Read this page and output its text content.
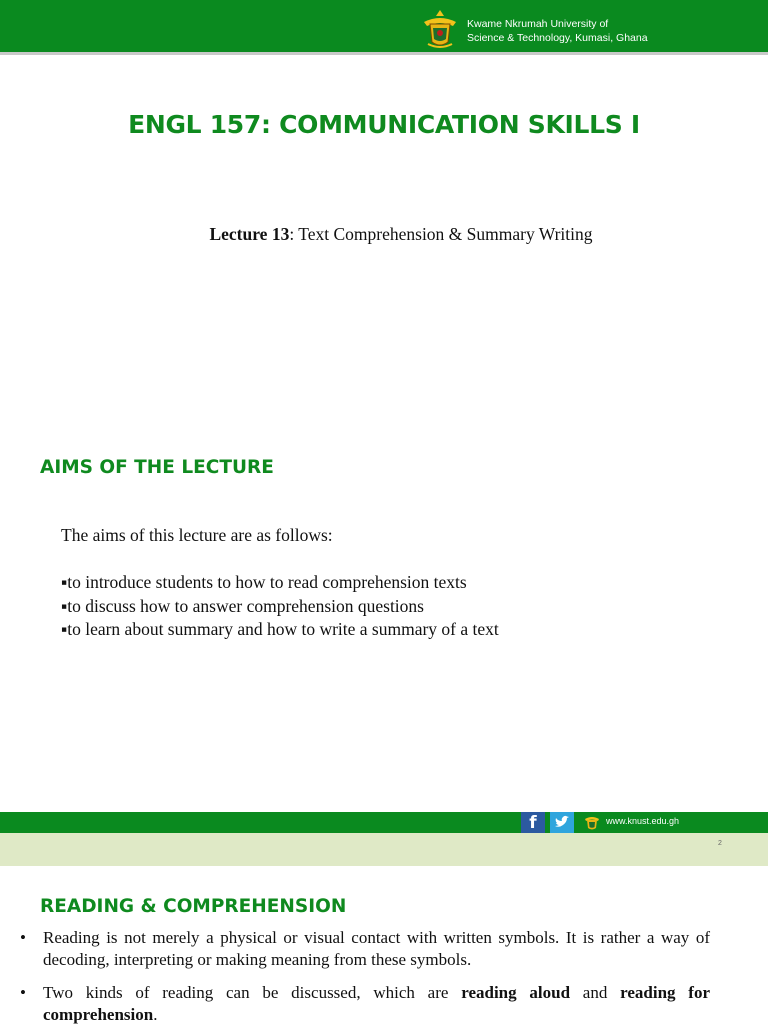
Kwame Nkrumah University of
Science & Technology, Kumasi, Ghana
ENGL 157: COMMUNICATION SKILLS I
Lecture 13: Text Comprehension & Summary Writing
AIMS OF THE LECTURE
The aims of this lecture are as follows:
▪ to introduce students to how to read comprehension texts
▪ to discuss how to answer comprehension questions
▪ to learn about summary and how to write a summary of a text
f	www.knust.edu.gh
2
READING & COMPREHENSION
• Reading is not merely a physical or visual contact with written symbols. It is rather a way of decoding, interpreting or making meaning from these symbols.
• Two kinds of reading can be discussed, which are reading aloud and reading for comprehension.
